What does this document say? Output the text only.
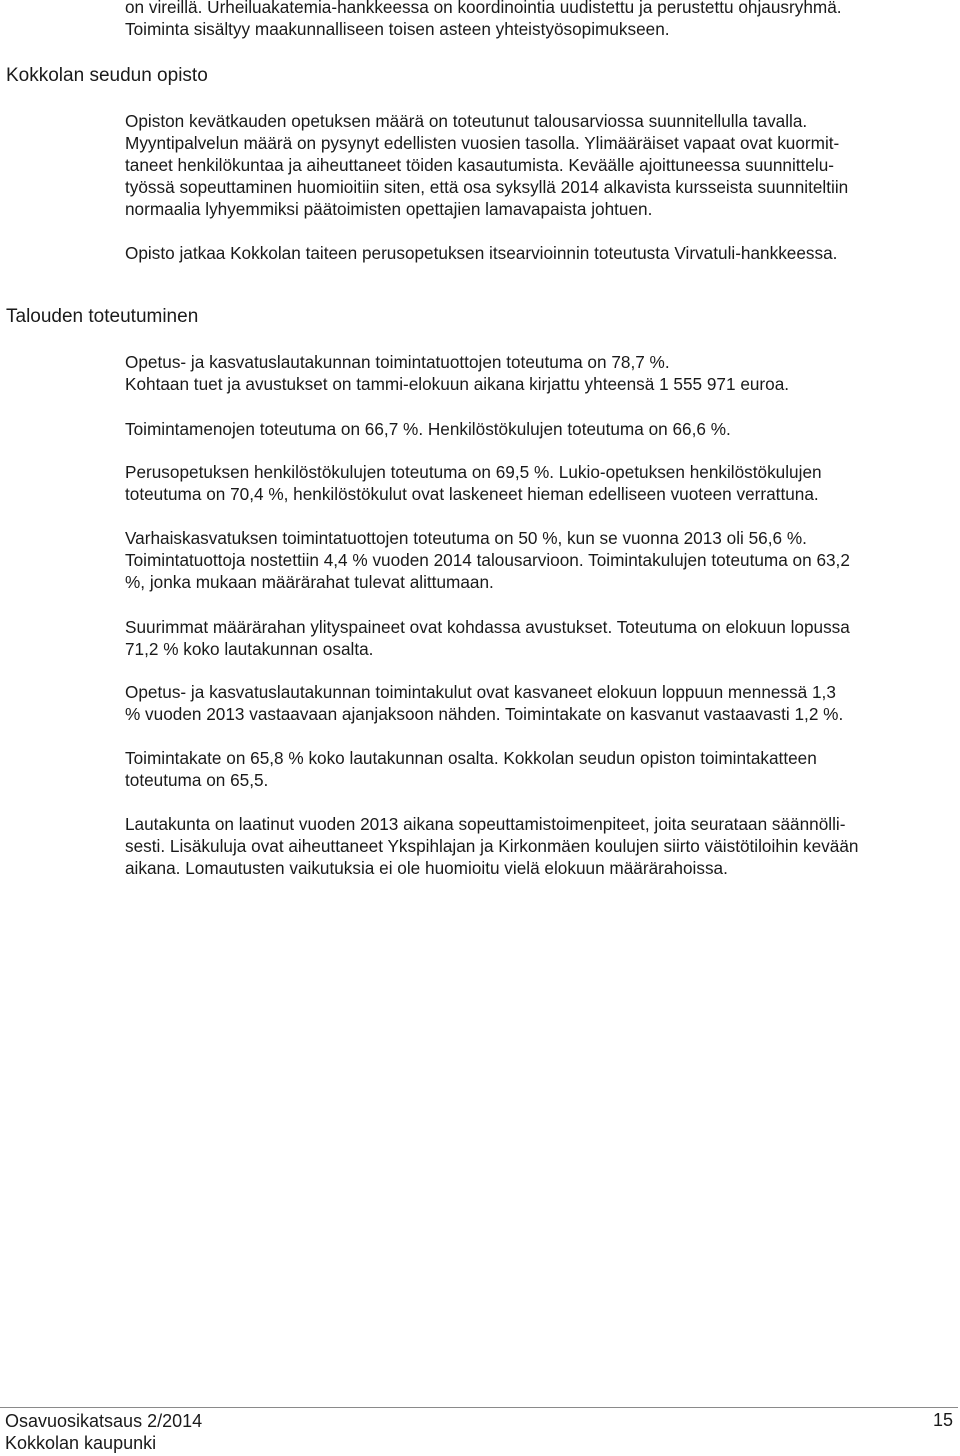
on vireillä. Urheiluakatemia-hankkeessa on koordinointia uudistettu ja perustettu ohjausryhmä.
Toiminta sisältyy maakunnalliseen toisen asteen yhteistyösopimukseen.
Kokkolan seudun opisto
Opiston kevätkauden opetuksen määrä on toteutunut talousarviossa suunnitellulla tavalla.
Myyntipalvelun määrä on pysynyt edellisten vuosien tasolla. Ylimääräiset vapaat ovat kuormit-
taneet henkilökuntaa ja aiheuttaneet töiden kasautumista. Keväälle ajoittuneessa suunnittelu-
työssä sopeuttaminen huomioitiin siten, että osa syksyllä 2014 alkavista kursseista suunniteltiin
normaalia lyhyemmiksi päätoimisten opettajien lamavapaista johtuen.
Opisto jatkaa Kokkolan taiteen perusopetuksen itsearvioinnin toteutusta Virvatuli-hankkeessa.
Talouden toteutuminen
Opetus- ja kasvatuslautakunnan toimintatuottojen toteutuma on 78,7 %.
Kohtaan tuet ja avustukset on tammi-elokuun aikana kirjattu yhteensä 1 555 971 euroa.
Toimintamenojen toteutuma on 66,7 %. Henkilöstökulujen toteutuma on 66,6 %.
Perusopetuksen henkilöstökulujen toteutuma on 69,5 %. Lukio-opetuksen henkilöstökulujen
toteutuma on 70,4 %, henkilöstökulut ovat laskeneet hieman edelliseen vuoteen verrattuna.
Varhaiskasvatuksen toimintatuottojen toteutuma on 50 %, kun se vuonna 2013 oli 56,6 %.
Toimintatuottoja nostettiin 4,4 % vuoden 2014 talousarvioon. Toimintakulujen toteutuma on 63,2
%, jonka mukaan määrärahat tulevat alittumaan.
Suurimmat määrärahan ylityspaineet ovat kohdassa avustukset. Toteutuma on elokuun lopussa
71,2 % koko lautakunnan osalta.
Opetus- ja kasvatuslautakunnan toimintakulut ovat kasvaneet elokuun loppuun mennessä 1,3
% vuoden 2013 vastaavaan ajanjaksoon nähden. Toimintakate on kasvanut vastaavasti 1,2 %.
Toimintakate on 65,8 % koko lautakunnan osalta. Kokkolan seudun opiston toimintakatteen
toteutuma on 65,5.
Lautakunta on laatinut vuoden 2013 aikana sopeuttamistoimenpiteet, joita seurataan säännölli-
sesti. Lisäkuluja ovat aiheuttaneet Ykspihlajan ja Kirkonmäen koulujen siirto väistötiloihin kevään
aikana. Lomautusten vaikutuksia ei ole huomioitu vielä elokuun määrärahoissa.
Osavuosikatsaus 2/2014
Kokkolan kaupunki
15
